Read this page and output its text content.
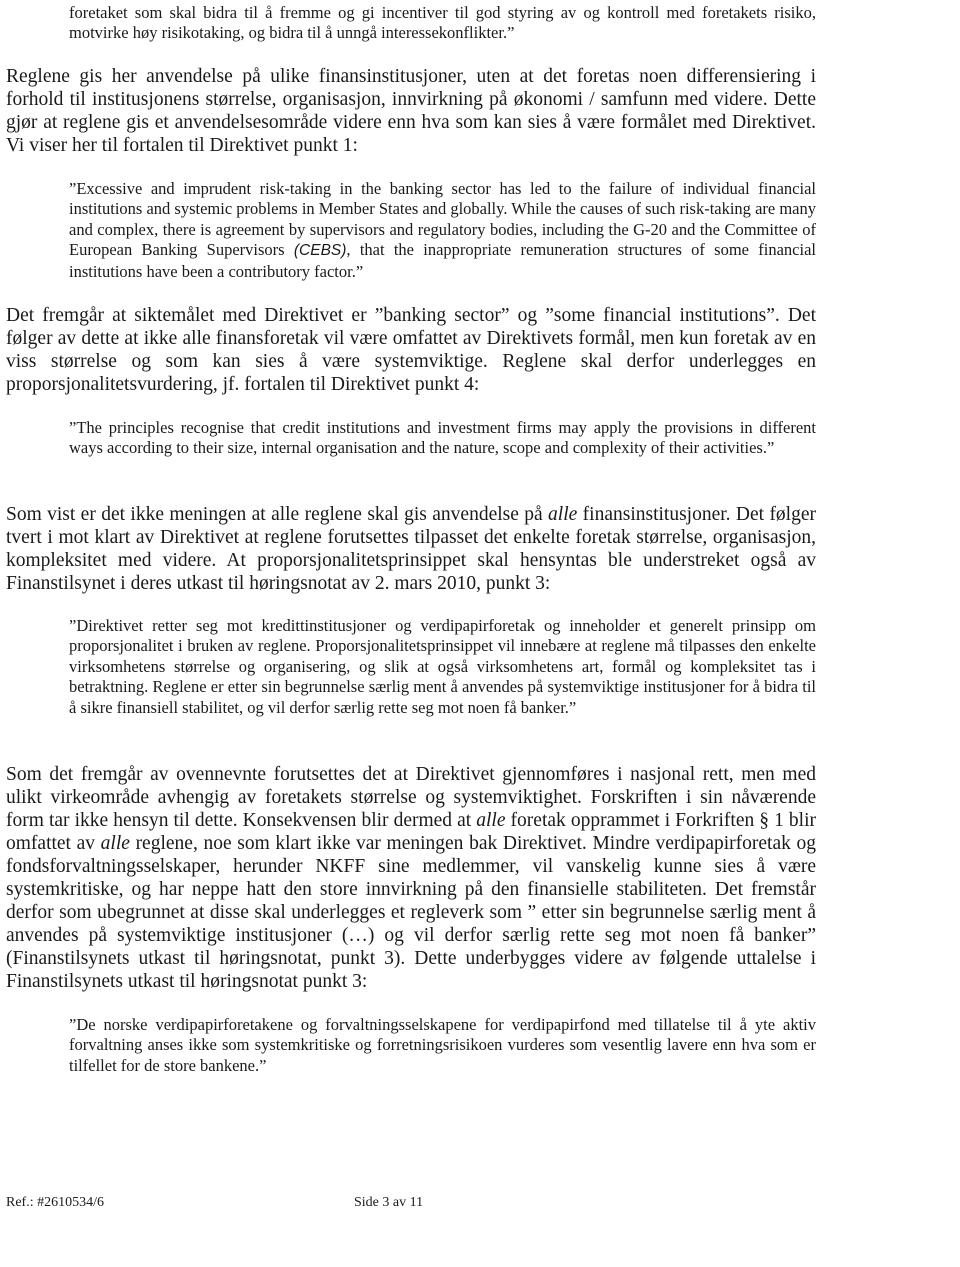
foretaket som skal bidra til å fremme og gi incentiver til god styring av og kontroll med foretakets risiko, motvirke høy risikotaking, og bidra til å unngå interessekonflikter.”

Reglene gis her anvendelse på ulike finansinstitusjoner, uten at det foretas noen differensiering i forhold til institusjonens størrelse, organisasjon, innvirkning på økonomi / samfunn med videre. Dette gjør at reglene gis et anvendelsesområde videre enn hva som kan sies å være formålet med Direktivet. Vi viser her til fortalen til Direktivet punkt 1:

”Excessive and imprudent risk-taking in the banking sector has led to the failure of individual financial institutions and systemic problems in Member States and globally. While the causes of such risk-taking are many and complex, there is agreement by supervisors and regulatory bodies, including the G-20 and the Committee of European Banking Supervisors (CEBS), that the inappropriate remuneration structures of some financial institutions have been a contributory factor.”

Det fremgår at siktemålet med Direktivet er ”banking sector” og ”some financial institutions”. Det følger av dette at ikke alle finansforetak vil være omfattet av Direktivets formål, men kun foretak av en viss størrelse og som kan sies å være systemviktige. Reglene skal derfor underlegges en proporsjonalitetsvurdering, jf. fortalen til Direktivet punkt 4:

”The principles recognise that credit institutions and investment firms may apply the provisions in different ways according to their size, internal organisation and the nature, scope and complexity of their activities.”

Som vist er det ikke meningen at alle reglene skal gis anvendelse på alle finansinstitusjoner. Det følger tvert i mot klart av Direktivet at reglene forutsettes tilpasset det enkelte foretak størrelse, organisasjon, kompleksitet med videre. At proporsjonalitetsprinsippet skal hensyntas ble understreket også av Finanstilsynet i deres utkast til høringsnotat av 2. mars 2010, punkt 3:

”Direktivet retter seg mot kredittinstitusjoner og verdipapirforetak og inneholder et generelt prinsipp om proporsjonalitet i bruken av reglene. Proporsjonalitetsprinsippet vil innebære at reglene må tilpasses den enkelte virksomhetens størrelse og organisering, og slik at også virksomhetens art, formål og kompleksitet tas i betraktning. Reglene er etter sin begrunnelse særlig ment å anvendes på systemviktige institusjoner for å bidra til å sikre finansiell stabilitet, og vil derfor særlig rette seg mot noen få banker.”

Som det fremgår av ovennevnte forutsettes det at Direktivet gjennomføres i nasjonal rett, men med ulikt virkeområde avhengig av foretakets størrelse og systemviktighet. Forskriften i sin nåværende form tar ikke hensyn til dette. Konsekvensen blir dermed at alle foretak opprammet i Forkriften § 1 blir omfattet av alle reglene, noe som klart ikke var meningen bak Direktivet. Mindre verdipapirforetak og fondsforvaltningsselskaper, herunder NKFF sine medlemmer, vil vanskelig kunne sies å være systemkritiske, og har neppe hatt den store innvirkning på den finansielle stabiliteten. Det fremstår derfor som ubegrunnet at disse skal underlegges et regleverk som ” etter sin begrunnelse særlig ment å anvendes på systemviktige institusjoner (…) og vil derfor særlig rette seg mot noen få banker” (Finanstilsynets utkast til høringsnotat, punkt 3). Dette underbygges videre av følgende uttalelse i Finanstilsynets utkast til høringsnotat punkt 3:

”De norske verdipapirforetakene og forvaltningsselskapene for verdipapirfond med tillatelse til å yte aktiv forvaltning anses ikke som systemkritiske og forretningsrisikoen vurderes som vesentlig lavere enn hva som er tilfellet for de store bankene.”

Ref.: #2610534/6	Side 3 av 11
